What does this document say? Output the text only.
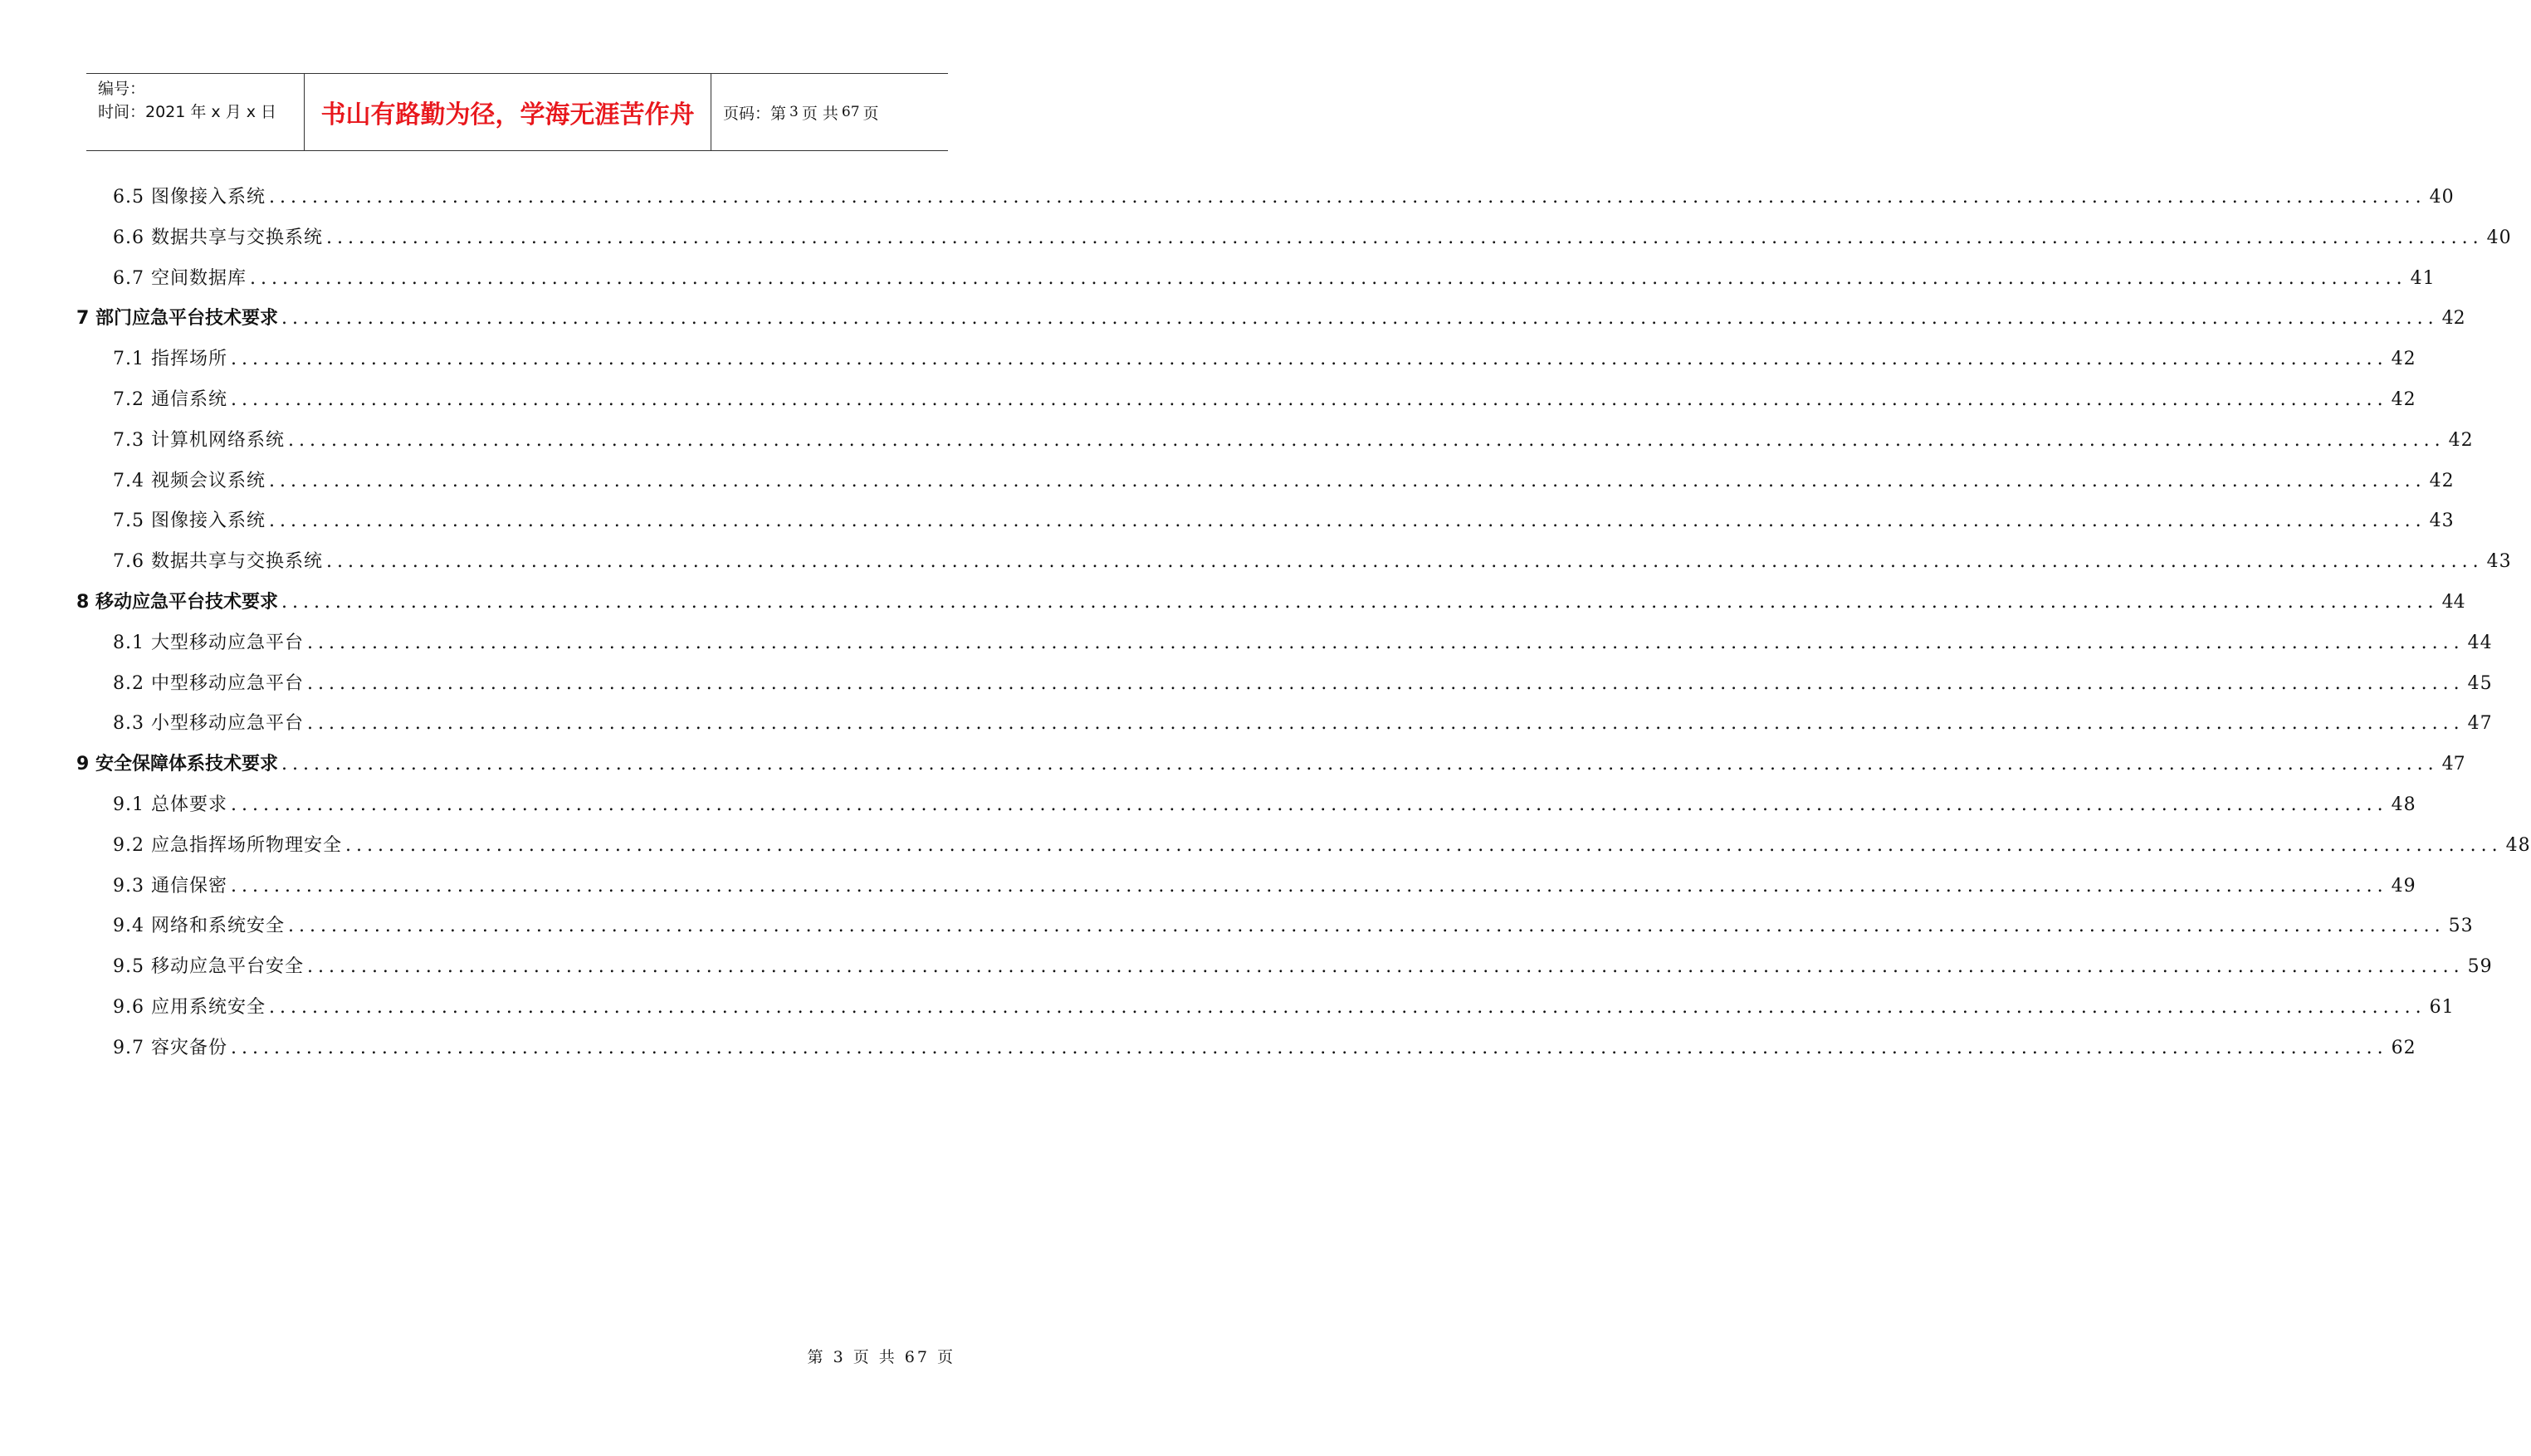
编号：
时间：2021 年 x 月 x 日	书山有路勤为径，学海无涯苦作舟	页码：第 3 页 共 67 页
6.5 图像接入系统 ........................................................................................................................................................................................................ 40
6.6 数据共享与交换系统 ........................................................................................................................................................................................................ 40
6.7 空间数据库 ........................................................................................................................................................................................................ 41
7 部门应急平台技术要求 ........................................................................................................................................................................................................ 42
7.1 指挥场所 ........................................................................................................................................................................................................ 42
7.2 通信系统 ........................................................................................................................................................................................................ 42
7.3 计算机网络系统 ........................................................................................................................................................................................................ 42
7.4 视频会议系统 ........................................................................................................................................................................................................ 42
7.5 图像接入系统 ........................................................................................................................................................................................................ 43
7.6 数据共享与交换系统 ........................................................................................................................................................................................................ 43
8 移动应急平台技术要求 ........................................................................................................................................................................................................ 44
8.1 大型移动应急平台 ........................................................................................................................................................................................................ 44
8.2 中型移动应急平台 ........................................................................................................................................................................................................ 45
8.3 小型移动应急平台 ........................................................................................................................................................................................................ 47
9 安全保障体系技术要求 ........................................................................................................................................................................................................ 47
9.1 总体要求 ........................................................................................................................................................................................................ 48
9.2 应急指挥场所物理安全 ........................................................................................................................................................................................................ 48
9.3 通信保密 ........................................................................................................................................................................................................ 49
9.4 网络和系统安全 ........................................................................................................................................................................................................ 53
9.5 移动应急平台安全 ........................................................................................................................................................................................................ 59
9.6 应用系统安全 ........................................................................................................................................................................................................ 61
9.7 容灾备份 ........................................................................................................................................................................................................ 62
第 3 页 共 67 页
